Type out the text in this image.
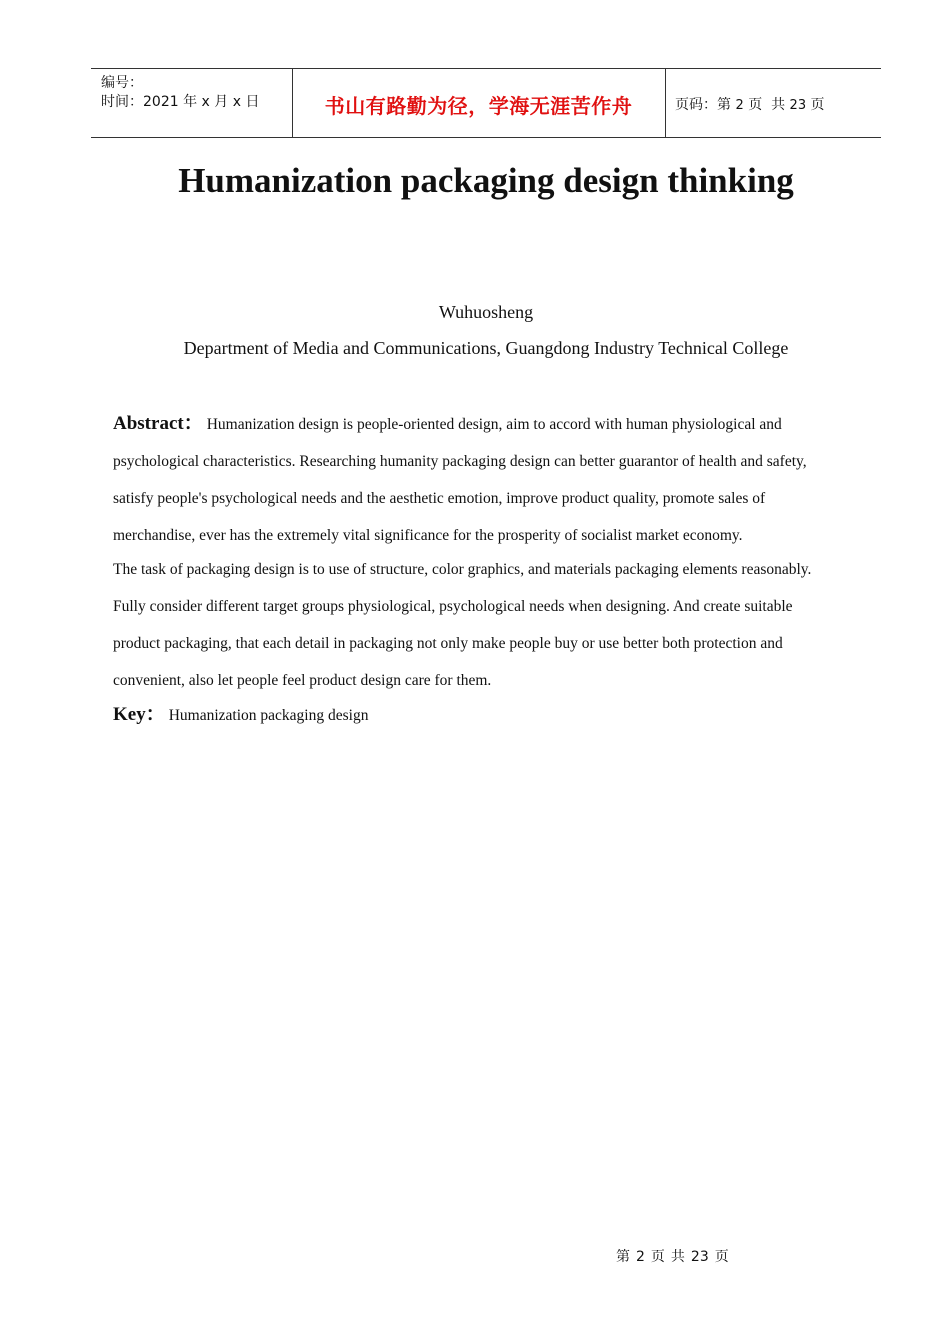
编号：
时间：2021 年 x 月 x 日	书山有路勤为径，学海无涯苦作舟	页码：第 2 页 共 23 页
Humanization packaging design thinking
Wuhuosheng
Department of Media and Communications, Guangdong Industry Technical College

Abstract： Humanization design is people-oriented design, aim to accord with human physiological and psychological characteristics. Researching humanity packaging design can better guarantor of health and safety, satisfy people's psychological needs and the aesthetic emotion, improve product quality, promote sales of merchandise, ever has the extremely vital significance for the prosperity of socialist market economy.

The task of packaging design is to use of structure, color graphics, and materials packaging elements reasonably. Fully consider different target groups physiological, psychological needs when designing. And create suitable product packaging, that each detail in packaging not only make people buy or use better both protection and convenient, also let people feel product design care for them.

Key： Humanization packaging design
第 2 页 共 23 页
